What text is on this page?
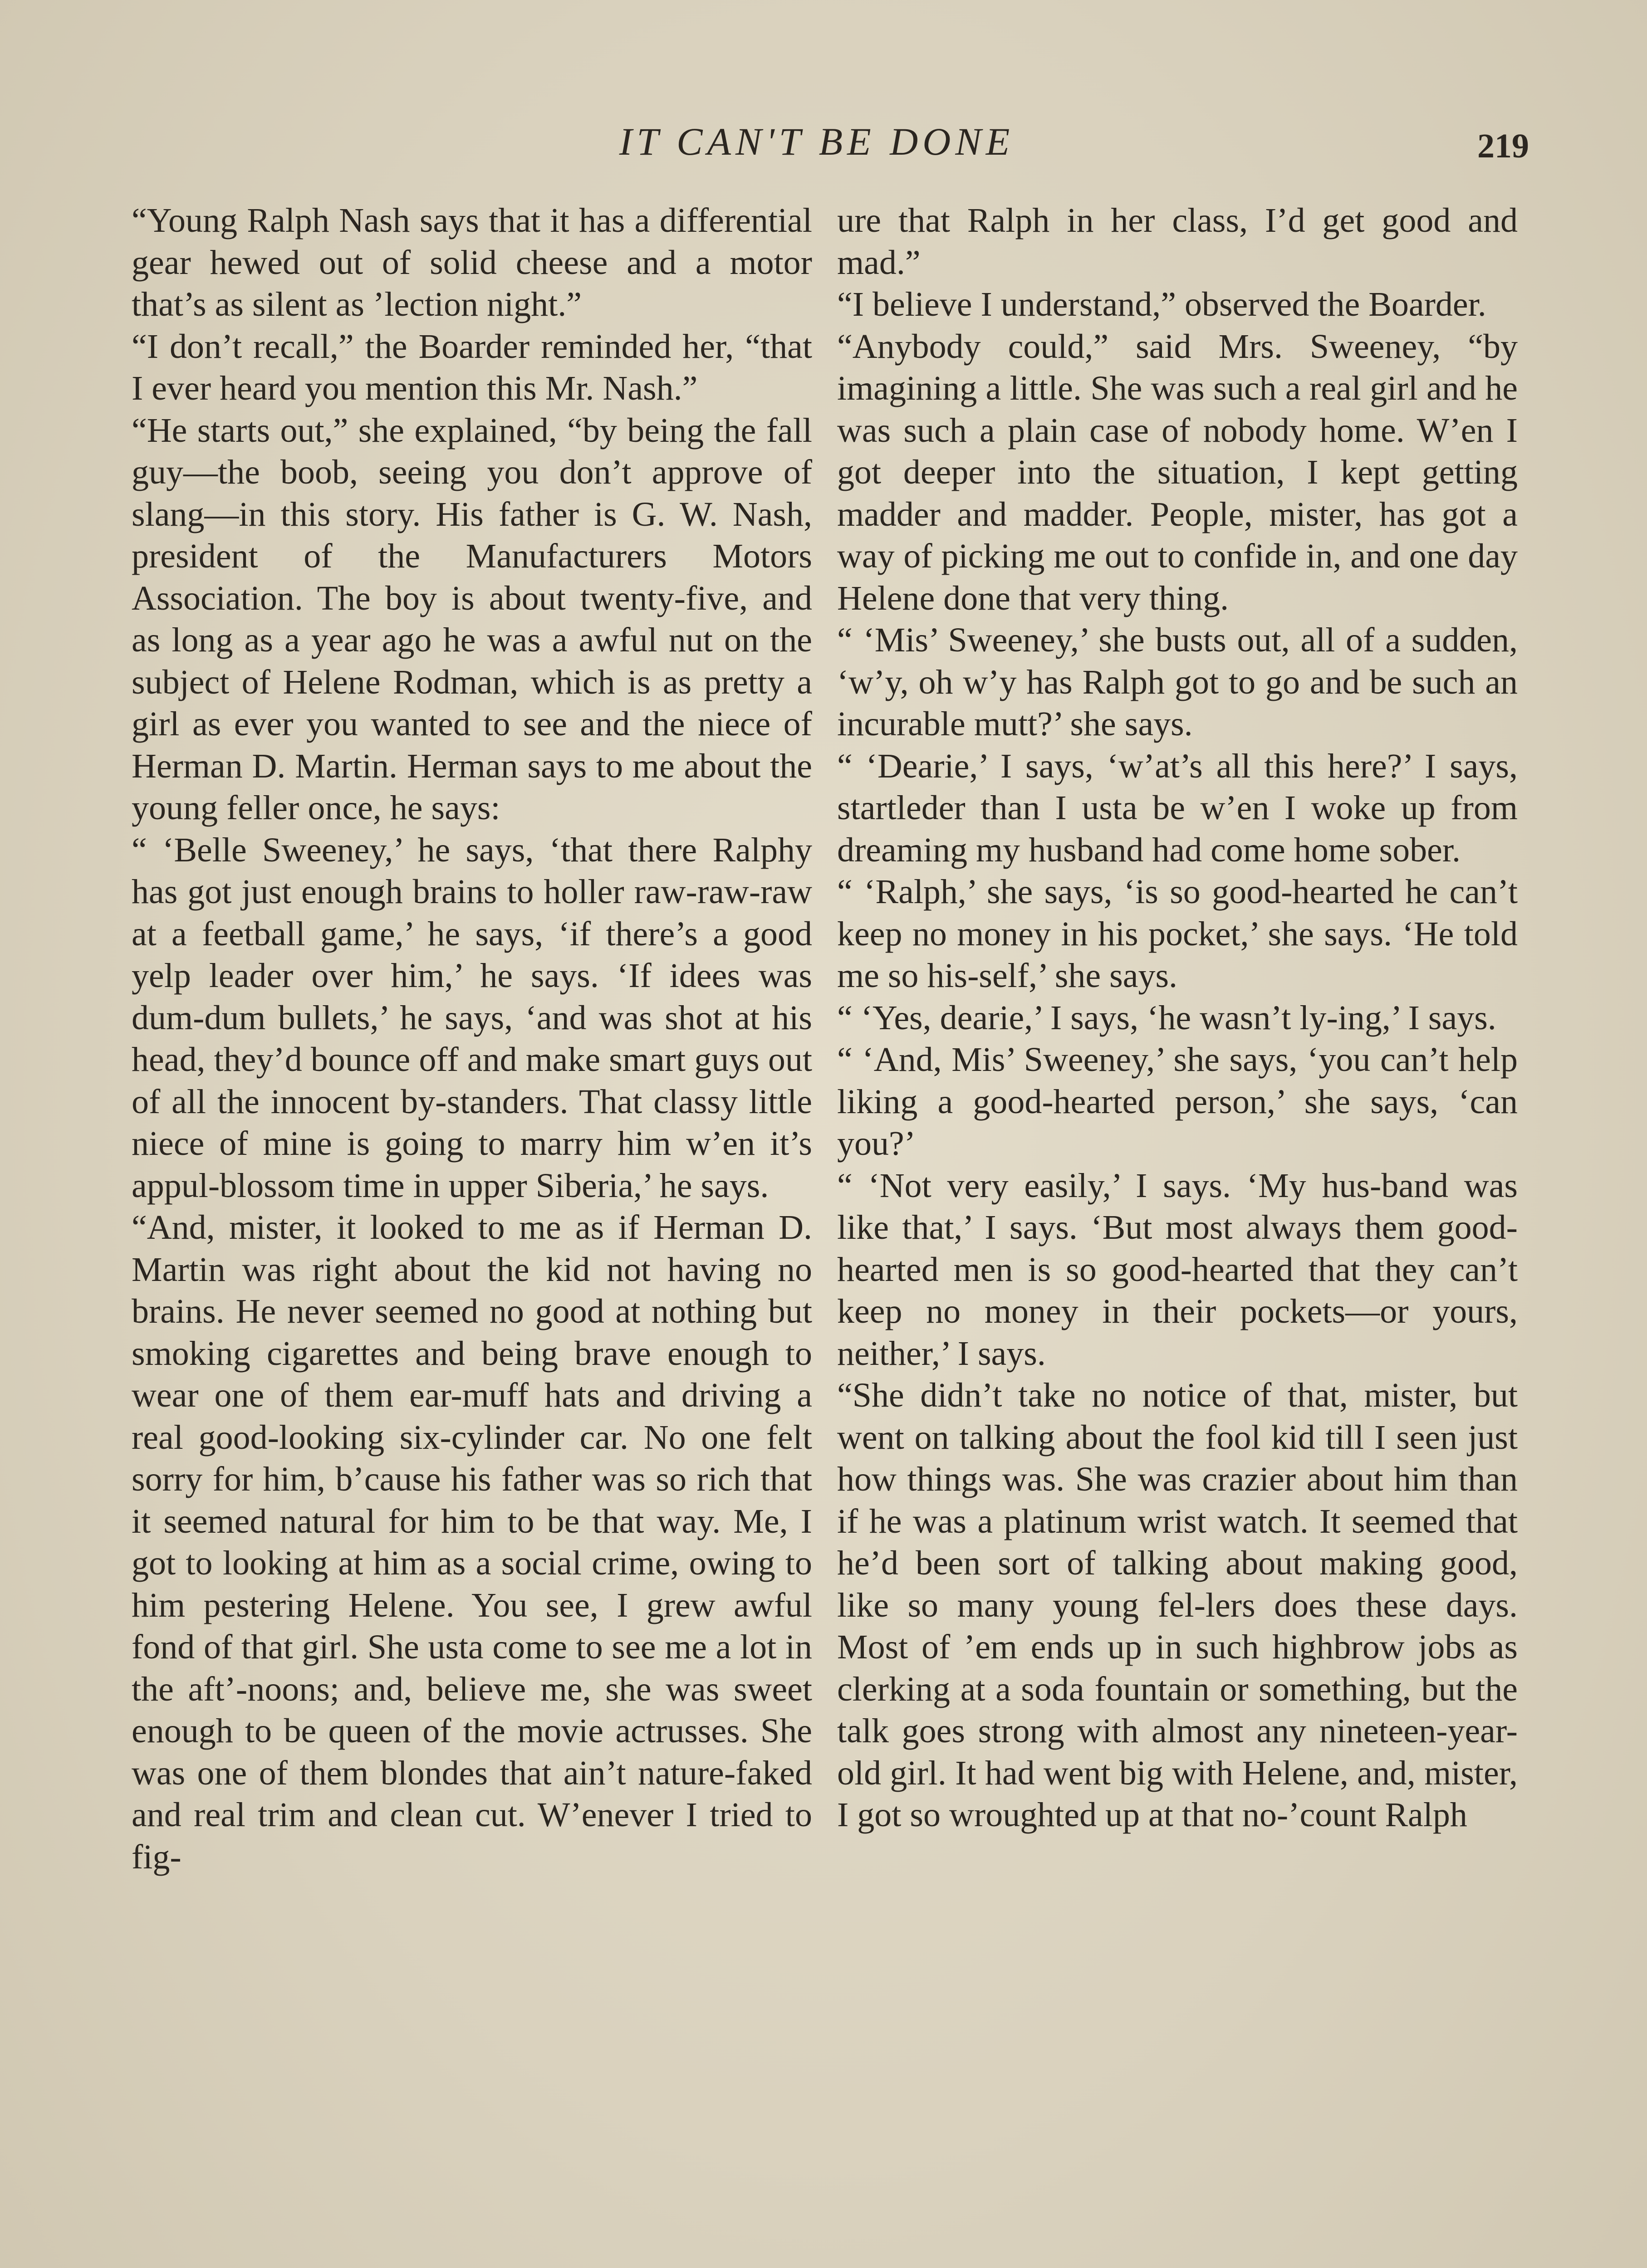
IT CAN'T BE DONE	219

“Young Ralph Nash says that it has a differential gear hewed out of solid cheese and a motor that’s as silent as ’lection night.”

“I don’t recall,” the Boarder reminded her, “that I ever heard you mention this Mr. Nash.”

“He starts out,” she explained, “by being the fall guy—the boob, seeing you don’t approve of slang—in this story. His father is G. W. Nash, president of the Manufacturers Motors Association. The boy is about twenty-five, and as long as a year ago he was a awful nut on the subject of Helene Rodman, which is as pretty a girl as ever you wanted to see and the niece of Herman D. Martin. Herman says to me about the young feller once, he says:

“ ‘Belle Sweeney,’ he says, ‘that there Ralphy has got just enough brains to holler raw-raw-raw at a feetball game,’ he says, ‘if there’s a good yelp leader over him,’ he says. ‘If idees was dum-dum bullets,’ he says, ‘and was shot at his head, they’d bounce off and make smart guys out of all the innocent by-standers. That classy little niece of mine is going to marry him w’en it’s appul-blossom time in upper Siberia,’ he says.

“And, mister, it looked to me as if Herman D. Martin was right about the kid not having no brains. He never seemed no good at nothing but smoking cigarettes and being brave enough to wear one of them ear-muff hats and driving a real good-looking six-cylinder car. No one felt sorry for him, b’cause his father was so rich that it seemed natural for him to be that way. Me, I got to looking at him as a social crime, owing to him pestering Helene. You see, I grew awful fond of that girl. She usta come to see me a lot in the aft’-noons; and, believe me, she was sweet enough to be queen of the movie actrusses. She was one of them blondes that ain’t nature-faked and real trim and clean cut. W’enever I tried to fig-

ure that Ralph in her class, I’d get good and mad.”

“I believe I understand,” observed the Boarder.

“Anybody could,” said Mrs. Sweeney, “by imagining a little. She was such a real girl and he was such a plain case of nobody home. W’en I got deeper into the situation, I kept getting madder and madder. People, mister, has got a way of picking me out to confide in, and one day Helene done that very thing.

“ ‘Mis’ Sweeney,’ she busts out, all of a sudden, ‘w’y, oh w’y has Ralph got to go and be such an incurable mutt?’ she says.

“ ‘Dearie,’ I says, ‘w’at’s all this here?’ I says, startleder than I usta be w’en I woke up from dreaming my husband had come home sober.

“ ‘Ralph,’ she says, ‘is so good-hearted he can’t keep no money in his pocket,’ she says. ‘He told me so his-self,’ she says.

“ ‘Yes, dearie,’ I says, ‘he wasn’t ly-ing,’ I says.

“ ‘And, Mis’ Sweeney,’ she says, ‘you can’t help liking a good-hearted person,’ she says, ‘can you?’

“ ‘Not very easily,’ I says. ‘My hus-band was like that,’ I says. ‘But most always them good-hearted men is so good-hearted that they can’t keep no money in their pockets—or yours, neither,’ I says.

“She didn’t take no notice of that, mister, but went on talking about the fool kid till I seen just how things was. She was crazier about him than if he was a platinum wrist watch. It seemed that he’d been sort of talking about making good, like so many young fel-lers does these days. Most of ’em ends up in such highbrow jobs as clerking at a soda fountain or something, but the talk goes strong with almost any nineteen-year-old girl. It had went big with Helene, and, mister, I got so wroughted up at that no-’count Ralph
